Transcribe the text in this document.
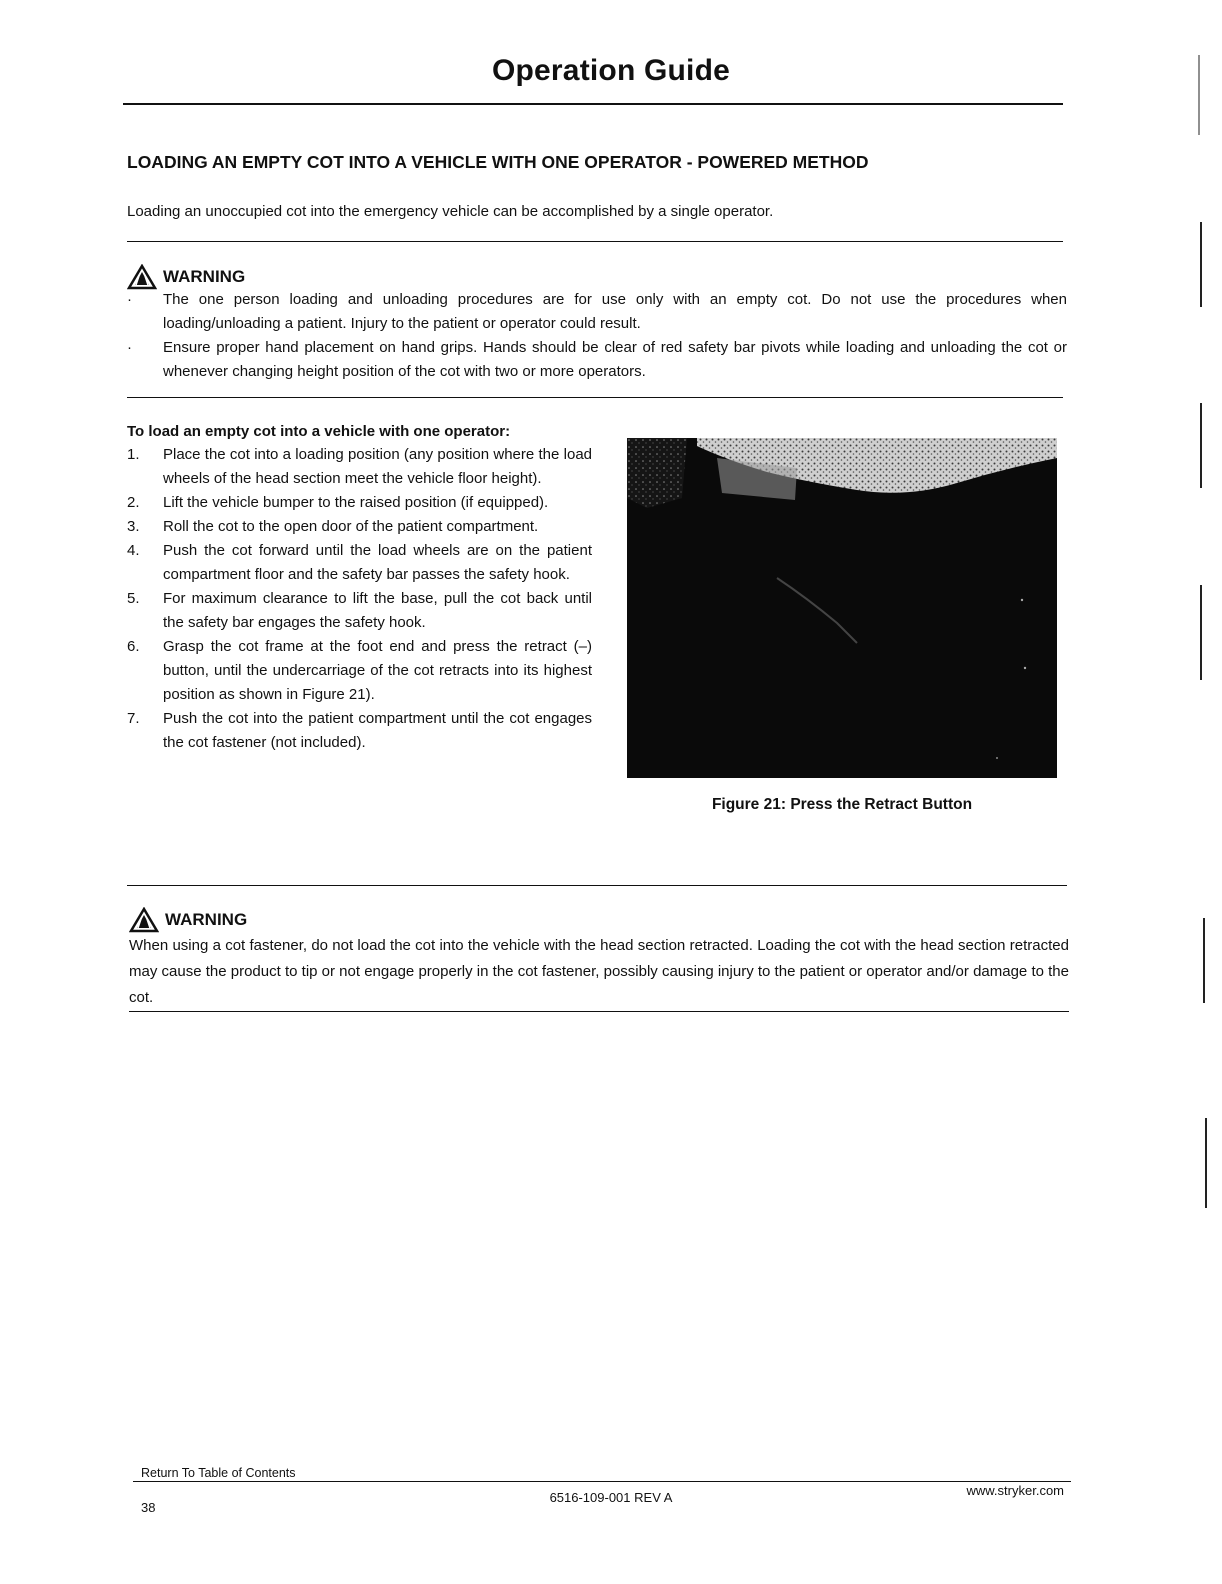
Operation Guide
LOADING AN EMPTY COT INTO A VEHICLE WITH ONE OPERATOR - POWERED METHOD
Loading an unoccupied cot into the emergency vehicle can be accomplished by a single operator.
WARNING
· The one person loading and unloading procedures are for use only with an empty cot. Do not use the procedures when loading/unloading a patient. Injury to the patient or operator could result.
· Ensure proper hand placement on hand grips. Hands should be clear of red safety bar pivots while loading and unloading the cot or whenever changing height position of the cot with two or more operators.
To load an empty cot into a vehicle with one operator:
1. Place the cot into a loading position (any position where the load wheels of the head section meet the vehicle floor height).
2. Lift the vehicle bumper to the raised position (if equipped).
3. Roll the cot to the open door of the patient compartment.
4. Push the cot forward until the load wheels are on the patient compartment floor and the safety bar passes the safety hook.
5. For maximum clearance to lift the base, pull the cot back until the safety bar engages the safety hook.
6. Grasp the cot frame at the foot end and press the retract (–) button, until the undercarriage of the cot retracts into its highest position as shown in Figure 21).
7. Push the cot into the patient compartment until the cot engages the cot fastener (not included).
Figure 21: Press the Retract Button
WARNING
When using a cot fastener, do not load the cot into the vehicle with the head section retracted. Loading the cot with the head section retracted may cause the product to tip or not engage properly in the cot fastener, possibly causing injury to the patient or operator and/or damage to the cot.
Return To Table of Contents
38
6516-109-001 REV A	www.stryker.com
